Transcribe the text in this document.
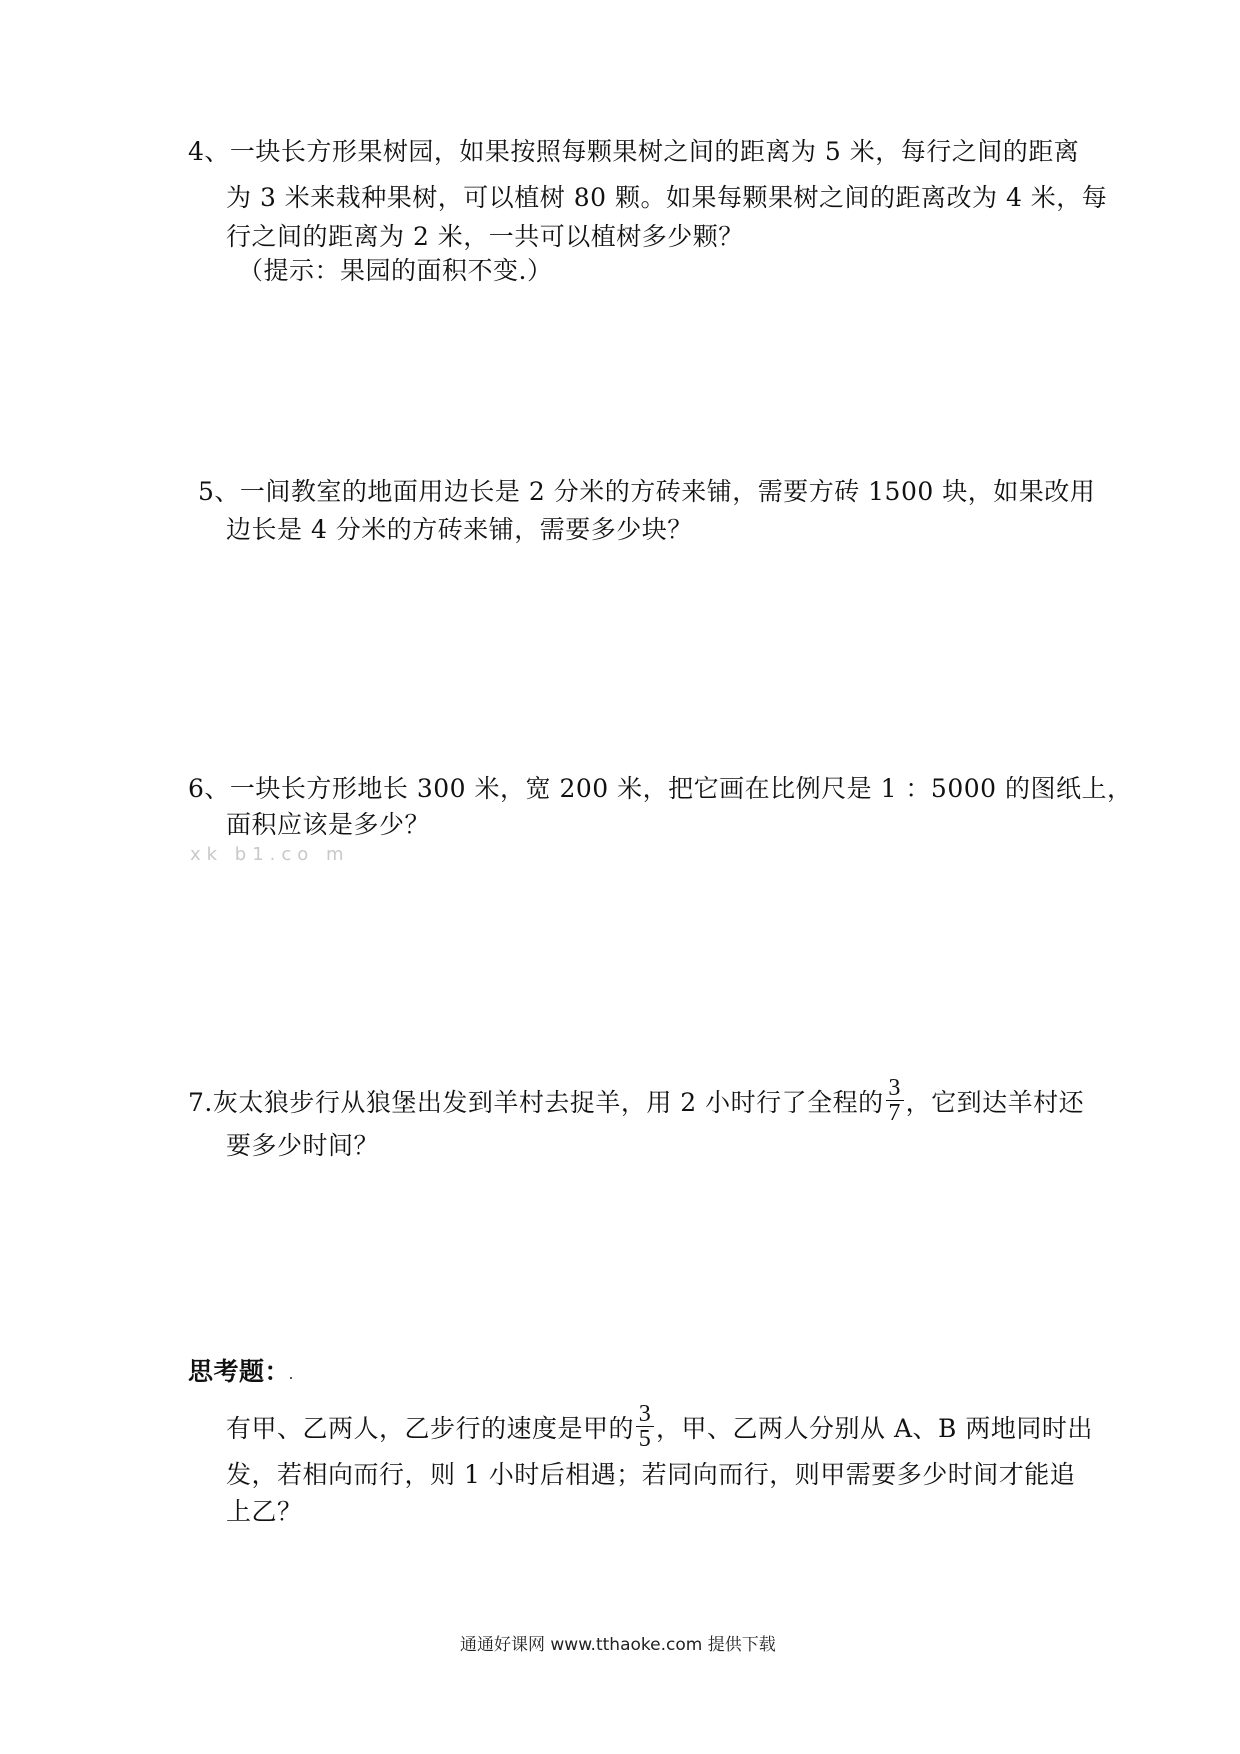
4、一块长方形果树园，如果按照每颗果树之间的距离为 5 米，每行之间的距离
为 3 米来栽种果树，可以植树 80 颗。如果每颗果树之间的距离改为 4 米，每
行之间的距离为 2 米，一共可以植树多少颗？
（提示：果园的面积不变.）
5、一间教室的地面用边长是 2 分米的方砖来铺，需要方砖 1500 块，如果改用
边长是 4 分米的方砖来铺，需要多少块？
6、一块长方形地长 300 米，宽 200 米，把它画在比例尺是 1 ：5000 的图纸上，
面积应该是多少？
xk b1.co m
7.灰太狼步行从狼堡出发到羊村去捉羊，用 2 小时行了全程的 $\frac{3}{7}$ ，它到达羊村还
要多少时间？
思考题：
有甲、乙两人，乙步行的速度是甲的 $\frac{3}{5}$ ，甲、乙两人分别从 A、B 两地同时出
发，若相向而行，则 1 小时后相遇；若同向而行，则甲需要多少时间才能追
上乙？
通通好课网 www.tthaoke.com 提供下载
